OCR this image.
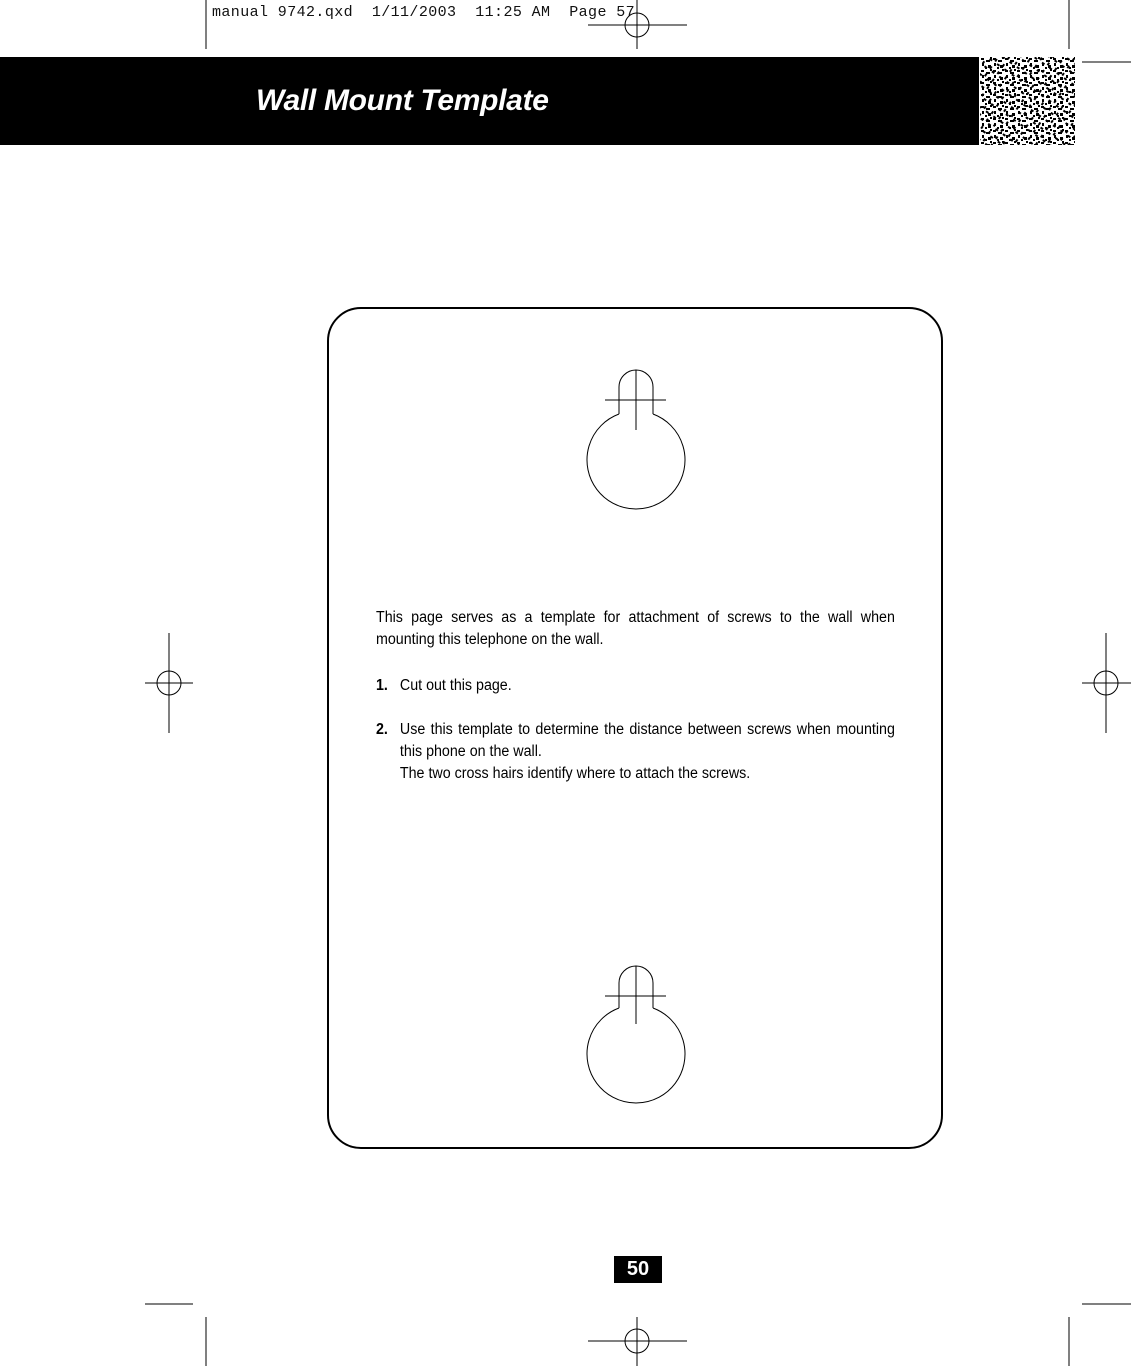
manual 9742.qxd  1/11/2003  11:25 AM  Page 57
Wall Mount Template

This page serves as a template for attachment of screws to the wall when mounting this telephone on the wall.

1. Cut out this page.
2. Use this template to determine the distance between screws when mounting this phone on the wall.
The two cross hairs identify where to attach the screws.
50
